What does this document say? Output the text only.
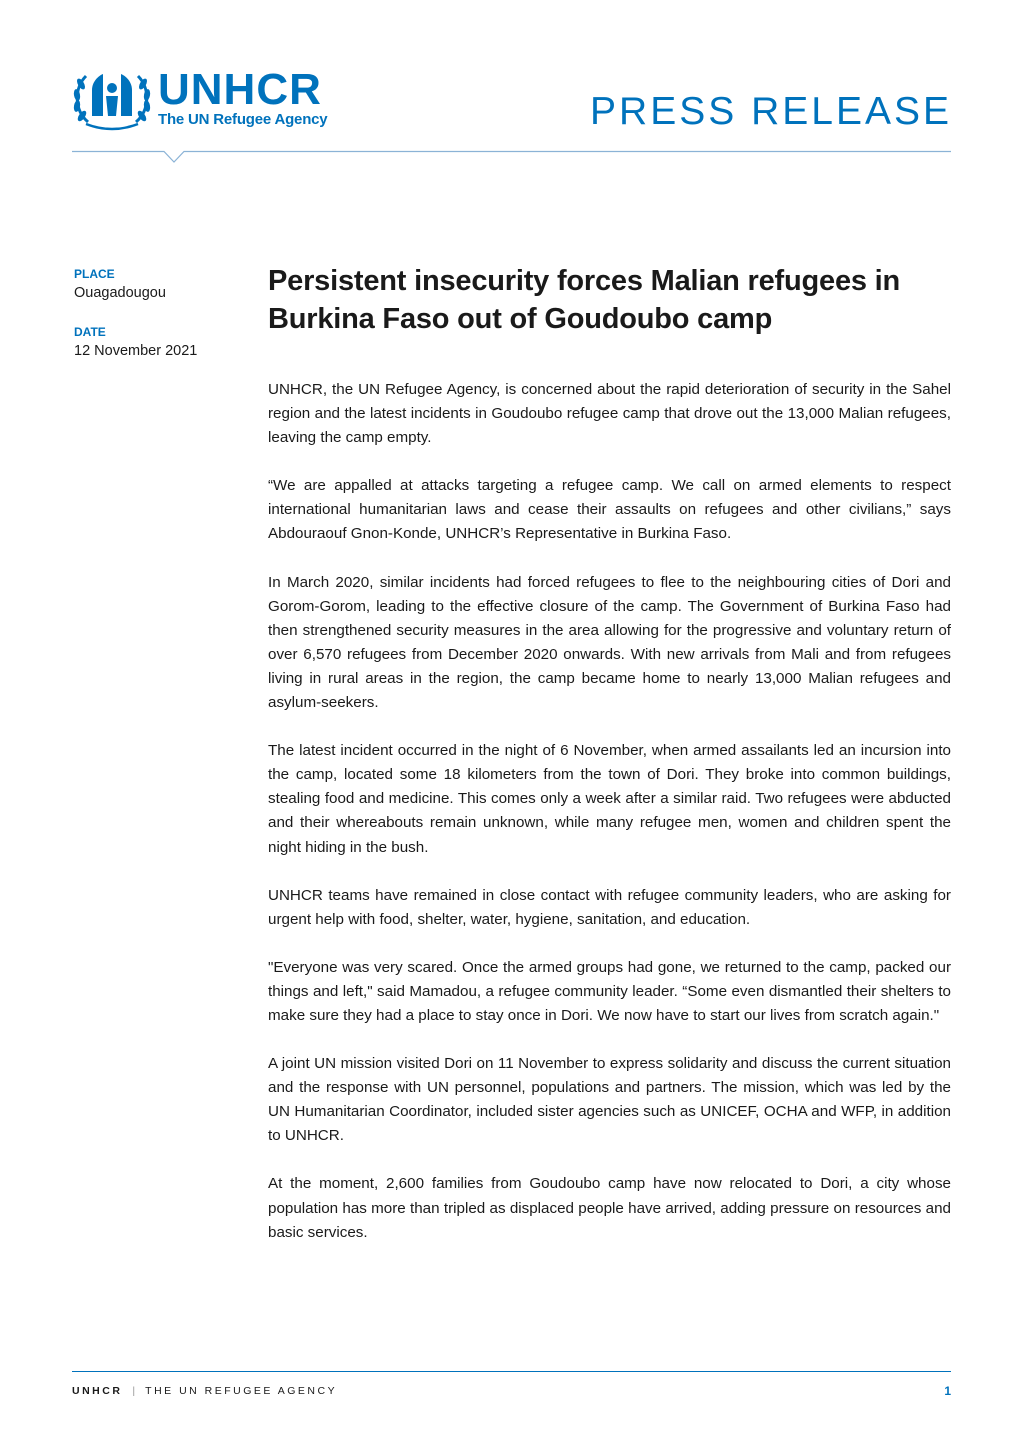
UNHCR
The UN Refugee Agency	PRESS RELEASE
PLACE
Ouagadougou
DATE
12 November 2021
Persistent insecurity forces Malian refugees in Burkina Faso out of Goudoubo camp

UNHCR, the UN Refugee Agency, is concerned about the rapid deterioration of security in the Sahel region and the latest incidents in Goudoubo refugee camp that drove out the 13,000 Malian refugees, leaving the camp empty.

“We are appalled at attacks targeting a refugee camp. We call on armed elements to respect international humanitarian laws and cease their assaults on refugees and other civilians,” says Abdouraouf Gnon-Konde, UNHCR’s Representative in Burkina Faso.

In March 2020, similar incidents had forced refugees to flee to the neighbouring cities of Dori and Gorom-Gorom, leading to the effective closure of the camp. The Government of Burkina Faso had then strengthened security measures in the area allowing for the progressive and voluntary return of over 6,570 refugees from December 2020 onwards. With new arrivals from Mali and from refugees living in rural areas in the region, the camp became home to nearly 13,000 Malian refugees and asylum-seekers.

The latest incident occurred in the night of 6 November, when armed assailants led an incursion into the camp, located some 18 kilometers from the town of Dori. They broke into common buildings, stealing food and medicine. This comes only a week after a similar raid. Two refugees were abducted and their whereabouts remain unknown, while many refugee men, women and children spent the night hiding in the bush.

UNHCR teams have remained in close contact with refugee community leaders, who are asking for urgent help with food, shelter, water, hygiene, sanitation, and education.

"Everyone was very scared. Once the armed groups had gone, we returned to the camp, packed our things and left," said Mamadou, a refugee community leader. “Some even dismantled their shelters to make sure they had a place to stay once in Dori. We now have to start our lives from scratch again."

A joint UN mission visited Dori on 11 November to express solidarity and discuss the current situation and the response with UN personnel, populations and partners. The mission, which was led by the UN Humanitarian Coordinator, included sister agencies such as UNICEF, OCHA and WFP, in addition to UNHCR.

At the moment, 2,600 families from Goudoubo camp have now relocated to Dori, a city whose population has more than tripled as displaced people have arrived, adding pressure on resources and basic services.

UNHCR | THE UN REFUGEE AGENCY	1
